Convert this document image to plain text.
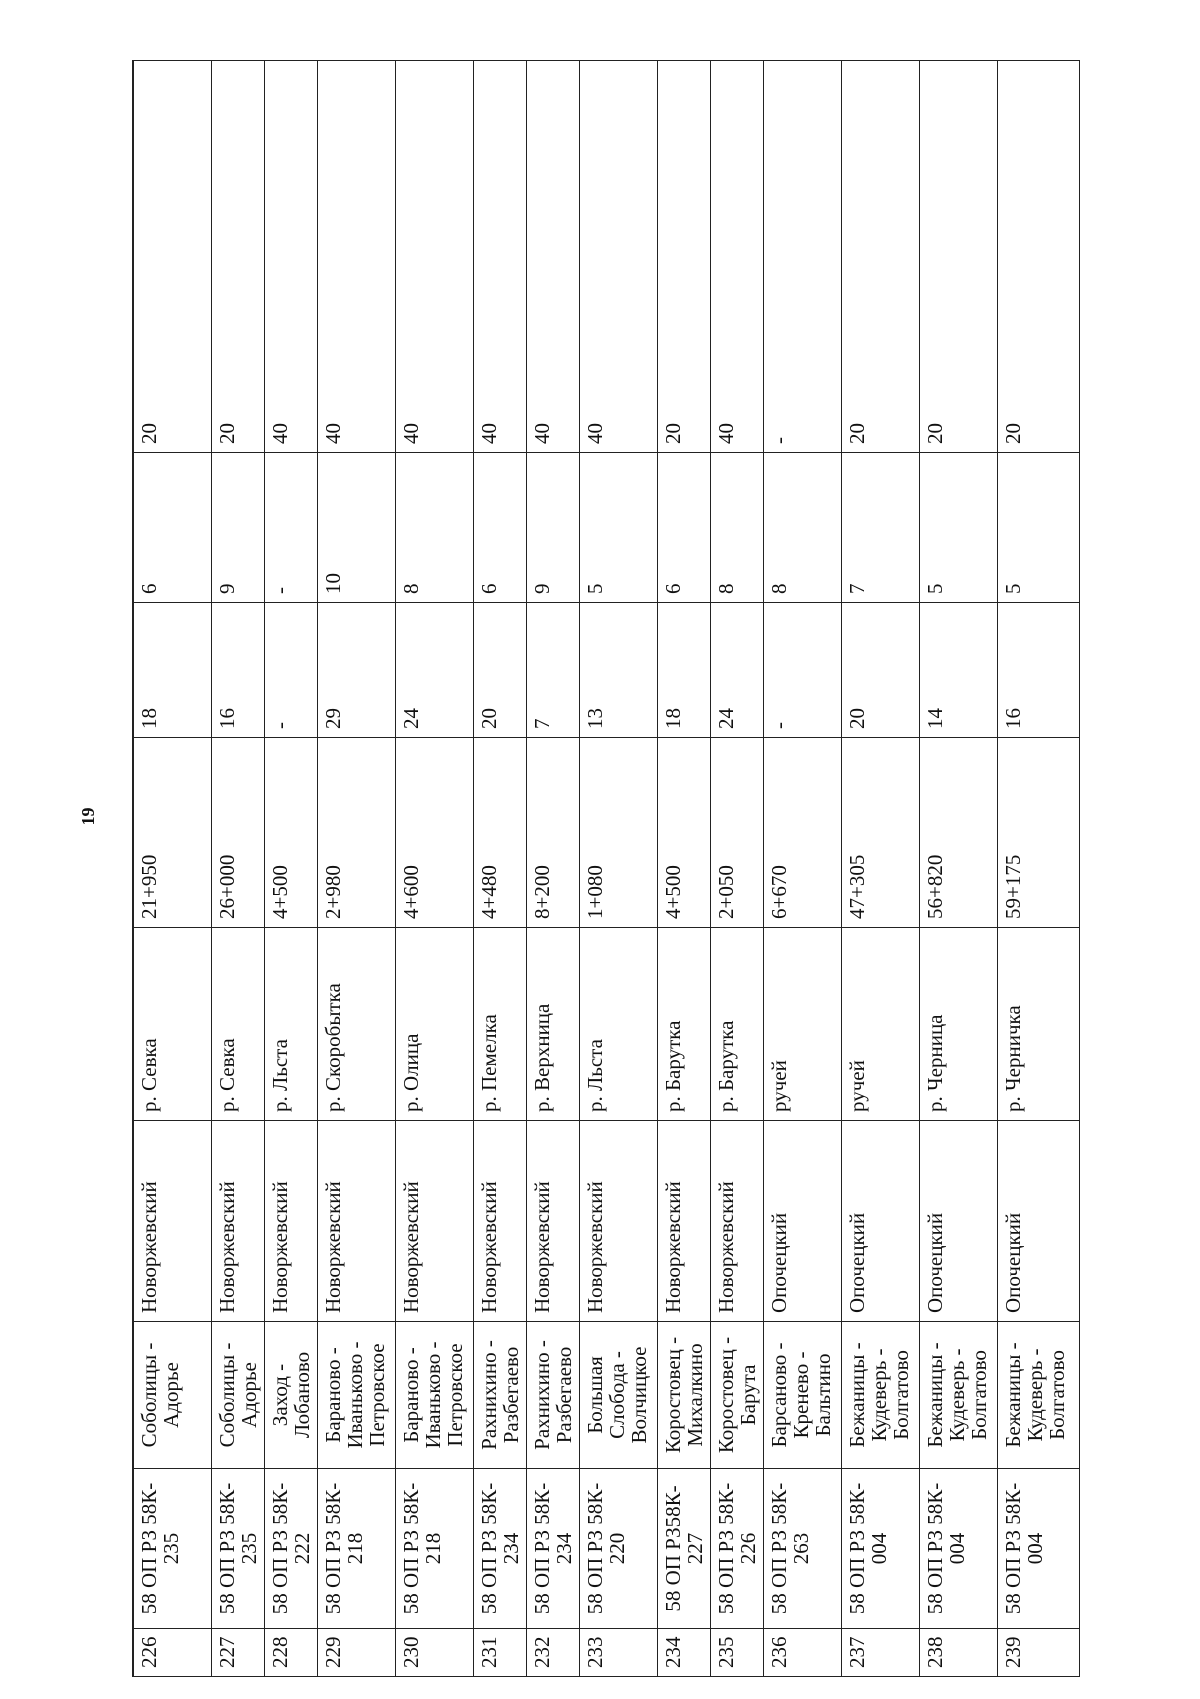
19
226	58 ОП РЗ 58К-
235	Соболицы -
Адорье	Новоржевский	р. Севка	21+950	18	6	20
227	58 ОП РЗ 58К-
235	Соболицы -
Адорье	Новоржевский	р. Севка	26+000	16	9	20
228	58 ОП РЗ 58К-
222	Заход - Лобаново	Новоржевский	р. Льста	4+500	-	-	40
229	58 ОП РЗ 58К-
218	Бараново -
Иваньково -
Петровское	Новоржевский	р. Скоробытка	2+980	29	10	40
230	58 ОП РЗ 58К-
218	Бараново -
Иваньково -
Петровское	Новоржевский	р. Олица	4+600	24	8	40
231	58 ОП РЗ 58К-
234	Рахнихино -
Разбегаево	Новоржевский	р. Пемелка	4+480	20	6	40
232	58 ОП РЗ 58К-
234	Рахнихино -
Разбегаево	Новоржевский	р. Верхница	8+200	7	9	40
233	58 ОП РЗ 58К-
220	Большая
Слобода -
Волчицкое	Новоржевский	р. Льста	1+080	13	5	40
234	58 ОП РЗ58К-
227	Коростовец -
Михалкино	Новоржевский	р. Барутка	4+500	18	6	20
235	58 ОП РЗ 58К-
226	Коростовец -
Барута	Новоржевский	р. Барутка	2+050	24	8	40
236	58 ОП РЗ 58К-
263	Барсаново -
Кренево -
Бальтино	Опочецкий	ручей	6+670	-	8	-
237	58 ОП РЗ 58К-
004	Бежаницы -
Кудеверь -
Болгатово	Опочецкий	ручей	47+305	20	7	20
238	58 ОП РЗ 58К-
004	Бежаницы -
Кудеверь -
Болгатово	Опочецкий	р. Черница	56+820	14	5	20
239	58 ОП РЗ 58К-
004	Бежаницы -
Кудеверь -
Болгатово	Опочецкий	р. Черничка	59+175	16	5	20
